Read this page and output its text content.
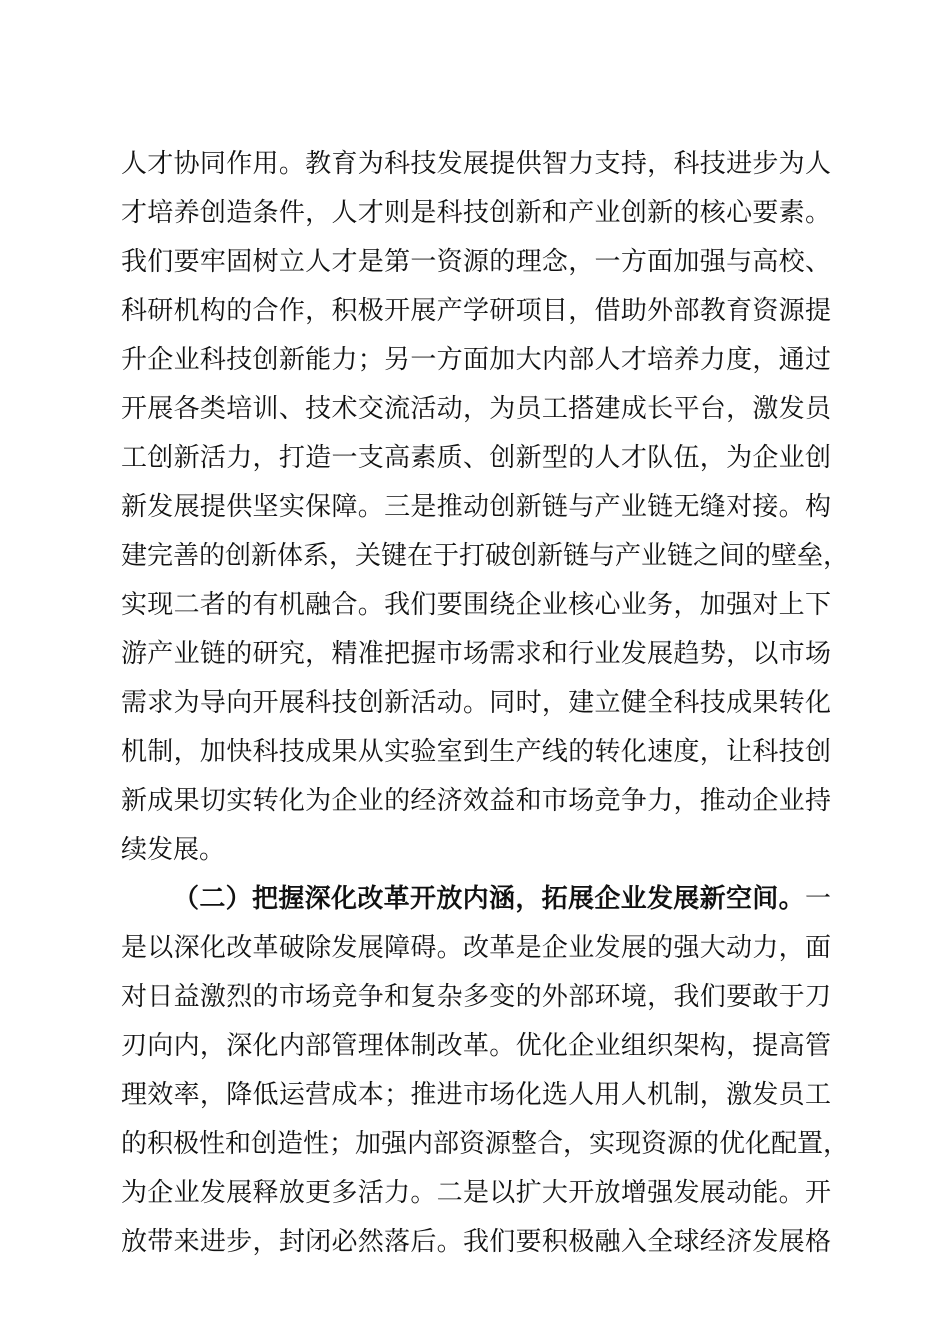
人才协同作用。教育为科技发展提供智力支持，科技进步为人
才培养创造条件，人才则是科技创新和产业创新的核心要素。
我们要牢固树立人才是第一资源的理念，一方面加强与高校、
科研机构的合作，积极开展产学研项目，借助外部教育资源提
升企业科技创新能力；另一方面加大内部人才培养力度，通过
开展各类培训、技术交流活动，为员工搭建成长平台，激发员
工创新活力，打造一支高素质、创新型的人才队伍，为企业创
新发展提供坚实保障。三是推动创新链与产业链无缝对接。构
建完善的创新体系，关键在于打破创新链与产业链之间的壁垒，
实现二者的有机融合。我们要围绕企业核心业务，加强对上下
游产业链的研究，精准把握市场需求和行业发展趋势，以市场
需求为导向开展科技创新活动。同时，建立健全科技成果转化
机制，加快科技成果从实验室到生产线的转化速度，让科技创
新成果切实转化为企业的经济效益和市场竞争力，推动企业持
续发展。
（二）把握深化改革开放内涵，拓展企业发展新空间。一
是以深化改革破除发展障碍。改革是企业发展的强大动力，面
对日益激烈的市场竞争和复杂多变的外部环境，我们要敢于刀
刃向内，深化内部管理体制改革。优化企业组织架构，提高管
理效率，降低运营成本；推进市场化选人用人机制，激发员工
的积极性和创造性；加强内部资源整合，实现资源的优化配置，
为企业发展释放更多活力。二是以扩大开放增强发展动能。开
放带来进步，封闭必然落后。我们要积极融入全球经济发展格
